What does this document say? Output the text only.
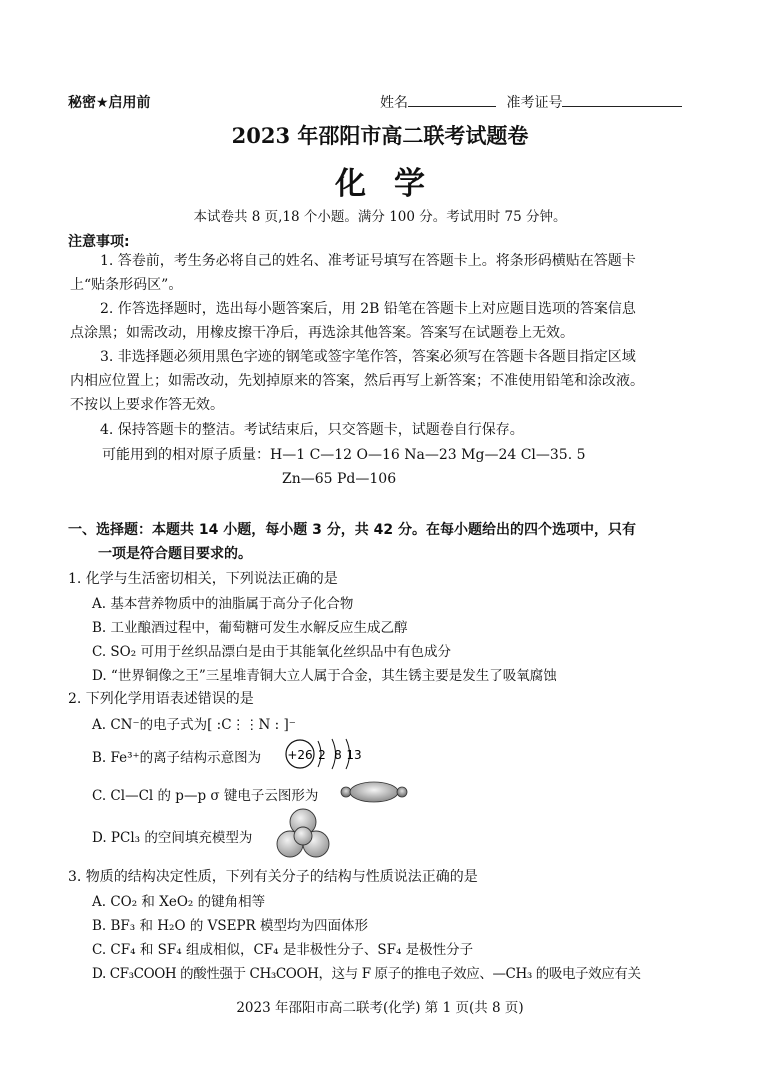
秘密★启用前	姓名	准考证号
2023 年邵阳市高二联考试题卷
化学
本试卷共 8 页,18 个小题。满分 100 分。考试用时 75 分钟。
注意事项:
1. 答卷前，考生务必将自己的姓名、准考证号填写在答题卡上。将条形码横贴在答题卡
上“贴条形码区”。
2. 作答选择题时，选出每小题答案后，用 2B 铅笔在答题卡上对应题目选项的答案信息
点涂黑；如需改动，用橡皮擦干净后，再选涂其他答案。答案写在试题卷上无效。
3. 非选择题必须用黑色字迹的钢笔或签字笔作答，答案必须写在答题卡各题目指定区域
内相应位置上；如需改动，先划掉原来的答案，然后再写上新答案；不准使用铅笔和涂改液。
不按以上要求作答无效。
4. 保持答题卡的整洁。考试结束后，只交答题卡，试题卷自行保存。
可能用到的相对原子质量：H—1 C—12 O—16 Na—23 Mg—24 Cl—35. 5
Zn—65 Pd—106
一、选择题：本题共 14 小题，每小题 3 分，共 42 分。在每小题给出的四个选项中，只有
一项是符合题目要求的。
1. 化学与生活密切相关，下列说法正确的是
A. 基本营养物质中的油脂属于高分子化合物
B. 工业酿酒过程中，葡萄糖可发生水解反应生成乙醇
C. SO₂ 可用于丝织品漂白是由于其能氧化丝织品中有色成分
D. “世界铜像之王”三星堆青铜大立人属于合金，其生锈主要是发生了吸氧腐蚀
2. 下列化学用语表述错误的是
A. CN⁻的电子式为[ :C⋮⋮N : ]⁻
B. Fe³⁺的离子结构示意图为 +26 2 8 13
C. Cl—Cl 的 p—p σ 键电子云图形为
D. PCl₃ 的空间填充模型为
3. 物质的结构决定性质，下列有关分子的结构与性质说法正确的是
A. CO₂ 和 XeO₂ 的键角相等
B. BF₃ 和 H₂O 的 VSEPR 模型均为四面体形
C. CF₄ 和 SF₄ 组成相似，CF₄ 是非极性分子、SF₄ 是极性分子
D. CF₃COOH 的酸性强于 CH₃COOH，这与 F 原子的推电子效应、—CH₃ 的吸电子效应有关
2023 年邵阳市高二联考(化学) 第 1 页(共 8 页)
